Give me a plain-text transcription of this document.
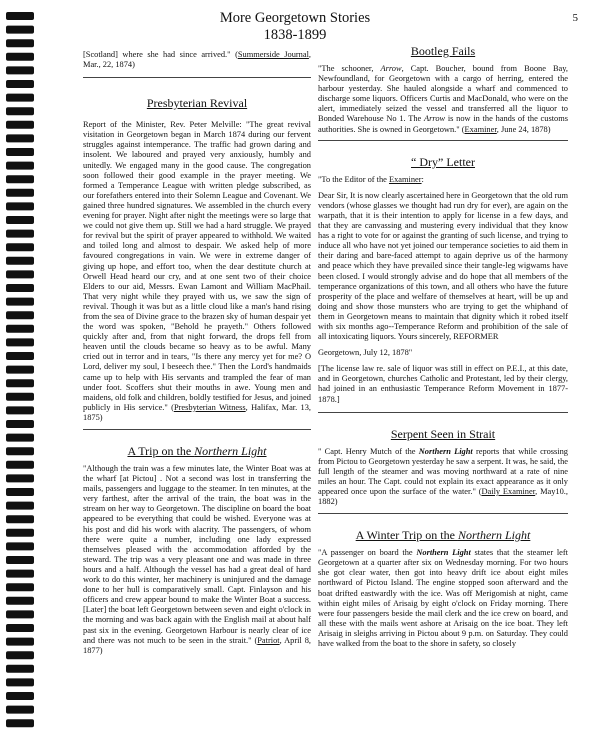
More Georgetown Stories
1838-1899
5

[Scotland] where she had since arrived." (Summerside Journal, Mar., 22, 1874)

Presbyterian Revival

Report of the Minister, Rev. Peter Melville: "The great revival visitation in Georgetown began in March 1874 during our fervent struggles against intemperance. The traffic had grown daring and insolent. We laboured and prayed very anxiously, humbly and unitedly. We engaged many in the good cause. The congregation soon followed their good example in the prayer meeting. We formed a Temperance League with written pledge subscribed, as our forefathers entered into their Solemn League and Covenant. We gained three hundred signatures. We assembled in the church every evening for prayer. Night after night the meetings were so large that we could not give them up. Still we had a hard struggle. We prayed for revival but the spirit of prayer appeared to withhold. We waited and toiled long and almost to despair. We asked help of more favoured congregations in vain. We were in extreme danger of giving up hope, and effort too, when the dear destitute church at Orwell Head heard our cry, and at one sent two of their choice Elders to our aid, Messrs. Ewan Lamont and William MacPhail. That very night while they prayed with us, we saw the sign of revival. Though it was but as a little cloud like a man's hand rising from the sea of Divine grace to the brazen sky of human despair yet the word was spoken, "Behold he prayeth." Others followed quickly after and, from that night forward, the drops fell from heaven until the clouds became so heavy as to be awful. Many cried out in terror and in tears, "Is there any mercy yet for me? O Lord, deliver my soul, I beseech thee." Then the Lord's handmaids came up to help with His servants and trampled the fear of man under foot. Scoffers shut their mouths in awe. Young men and maidens, old folk and children, boldly testified for Jesus, and joined publicly in His service." (Presbyterian Witness, Halifax, Mar. 13, 1875)

A Trip on the Northern Light

"Although the train was a few minutes late, the Winter Boat was at the wharf [at Pictou] . Not a second was lost in transferring the mails, passengers and luggage to the steamer. In ten minutes, at the very farthest, after the arrival of the train, the boat was in the stream on her way to Georgetown. The discipline on board the boat appeared to be everything that could be wished. Everyone was at his post and did his work with alacrity. The passengers, of whom there were quite a number, including one lady expressed themselves pleased with the accommodation afforded by the steward. The trip was a very pleasant one and was made in three hours and a half. Although the vessel has had a great deal of hard work to do this winter, her machinery is uninjured and the damage done to her hull is comparatively small. Capt. Finlayson and his officers and crew appear bound to make the Winter Boat a success. [Later] the boat left Georgetown between seven and eight o'clock in the morning and was back again with the English mail at about half past six in the evening. Georgetown Harbour is nearly clear of ice and there was not much to be seen in the strait." (Patriot, April 8, 1877)

Bootleg Fails

"The schooner, Arrow, Capt. Boucher, bound from Boone Bay, Newfoundland, for Georgetown with a cargo of herring, entered the harbour yesterday. She hauled alongside a wharf and commenced to discharge some liquors. Officers Curtis and MacDonald, who were on the alert, immediately seized the vessel and transferred all the liquor to Bonded Warehouse No 1. The Arrow is now in the hands of the customs authorities. She is owned in Georgetown." (Examiner, June 24, 1878)

“ Dry” Letter

"To the Editor of the Examiner:

Dear Sir, It is now clearly ascertained here in Georgetown that the old rum vendors (whose glasses we thought had run dry for ever), are again on the warpath, that it is their intention to apply for license in a few days, and that they are canvassing and mustering every individual that they know has a right to vote for or against the granting of such license, and trying to induce all who have not yet joined our temperance societies to aid them in their daring and bare-faced attempt to again deprive us of the harmony and peace which they have prevailed since their tangle-leg wigwams have been closed. I would strongly advise and do hope that all members of the temperance organizations of this town, and all others who have the future prosperity of the place and welfare of themselves at heart, will be up and doing and show those munsters who are trying to get the whiphand of them in Georgetown means to maintain that dignity which it robed itself with six months ago--Temperance Reform and prohibition of the sale of all intoxicating liquors. Yours sincerely, REFORMER

Georgetown, July 12, 1878"

[The license law re. sale of liquor was still in effect on P.E.I., at this date, and in Georgetown, churches Catholic and Protestant, led by their clergy, had joined in an enthusiastic Temperance Reform Movement in 1877-1878.]

Serpent Seen in Strait

" Capt. Henry Mutch of the Northern Light reports that while crossing from Pictou to Georgetown yesterday he saw a serpent. It was, he said, the full length of the steamer and was moving northward at a rate of nine miles an hour. The Capt. could not explain its exact appearance as it only appeared once upon the surface of the water." (Daily Examiner, May10., 1882)

A Winter Trip on the Northern Light

"A passenger on board the Northern Light states that the steamer left Georgetown at a quarter after six on Wednesday morning. For two hours she got clear water, then got into heavy drift ice about eight miles northward of Pictou Island. The engine stopped soon afterward and the boat drifted eastwardly with the ice. Was off Merigomish at night, came within eight miles of Arisaig by eight o'clock on Friday morning. There were four passengers beside the mail clerk and the ice crew on board, and all these with the mails went ashore at Arisaig on the ice boat. They left Arisaig in sleighs arriving in Pictou about 9 p.m. on Saturday. They could have walked from the boat to the shore in safety, so closely
